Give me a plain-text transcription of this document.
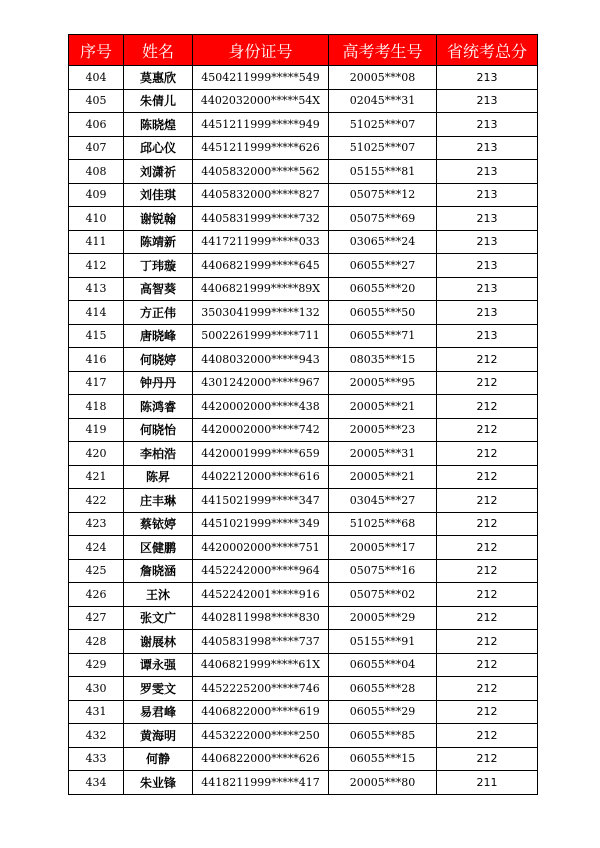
序号	姓名	身份证号	高考考生号	省统考总分
404	莫惠欣	4504211999*****549	20005***08	213
405	朱倩儿	4402032000*****54X	02045***31	213
406	陈晓煌	4451211999*****949	51025***07	213
407	邱心仪	4451211999*****626	51025***07	213
408	刘潇祈	4405832000*****562	05155***81	213
409	刘佳琪	4405832000*****827	05075***12	213
410	谢锐翰	4405831999*****732	05075***69	213
411	陈靖新	4417211999*****033	03065***24	213
412	丁玮璇	4406821999*****645	06055***27	213
413	高智葵	4406821999*****89X	06055***20	213
414	方正伟	3503041999*****132	06055***50	213
415	唐晓峰	5002261999*****711	06055***71	213
416	何晓婷	4408032000*****943	08035***15	212
417	钟丹丹	4301242000*****967	20005***95	212
418	陈鸿睿	4420002000*****438	20005***21	212
419	何晓怡	4420002000*****742	20005***23	212
420	李柏浩	4420001999*****659	20005***31	212
421	陈昇	4402212000*****616	20005***21	212
422	庄丰琳	4415021999*****347	03045***27	212
423	蔡铱婷	4451021999*****349	51025***68	212
424	区健鹏	4420002000*****751	20005***17	212
425	詹晓涵	4452242000*****964	05075***16	212
426	王沐	4452242001*****916	05075***02	212
427	张文广	4402811998*****830	20005***29	212
428	谢展林	4405831998*****737	05155***91	212
429	谭永强	4406821999*****61X	06055***04	212
430	罗雯文	4452225200*****746	06055***28	212
431	易君峰	4406822000*****619	06055***29	212
432	黄海明	4453222000*****250	06055***85	212
433	何静	4406822000*****626	06055***15	212
434	朱业锋	4418211999*****417	20005***80	211
